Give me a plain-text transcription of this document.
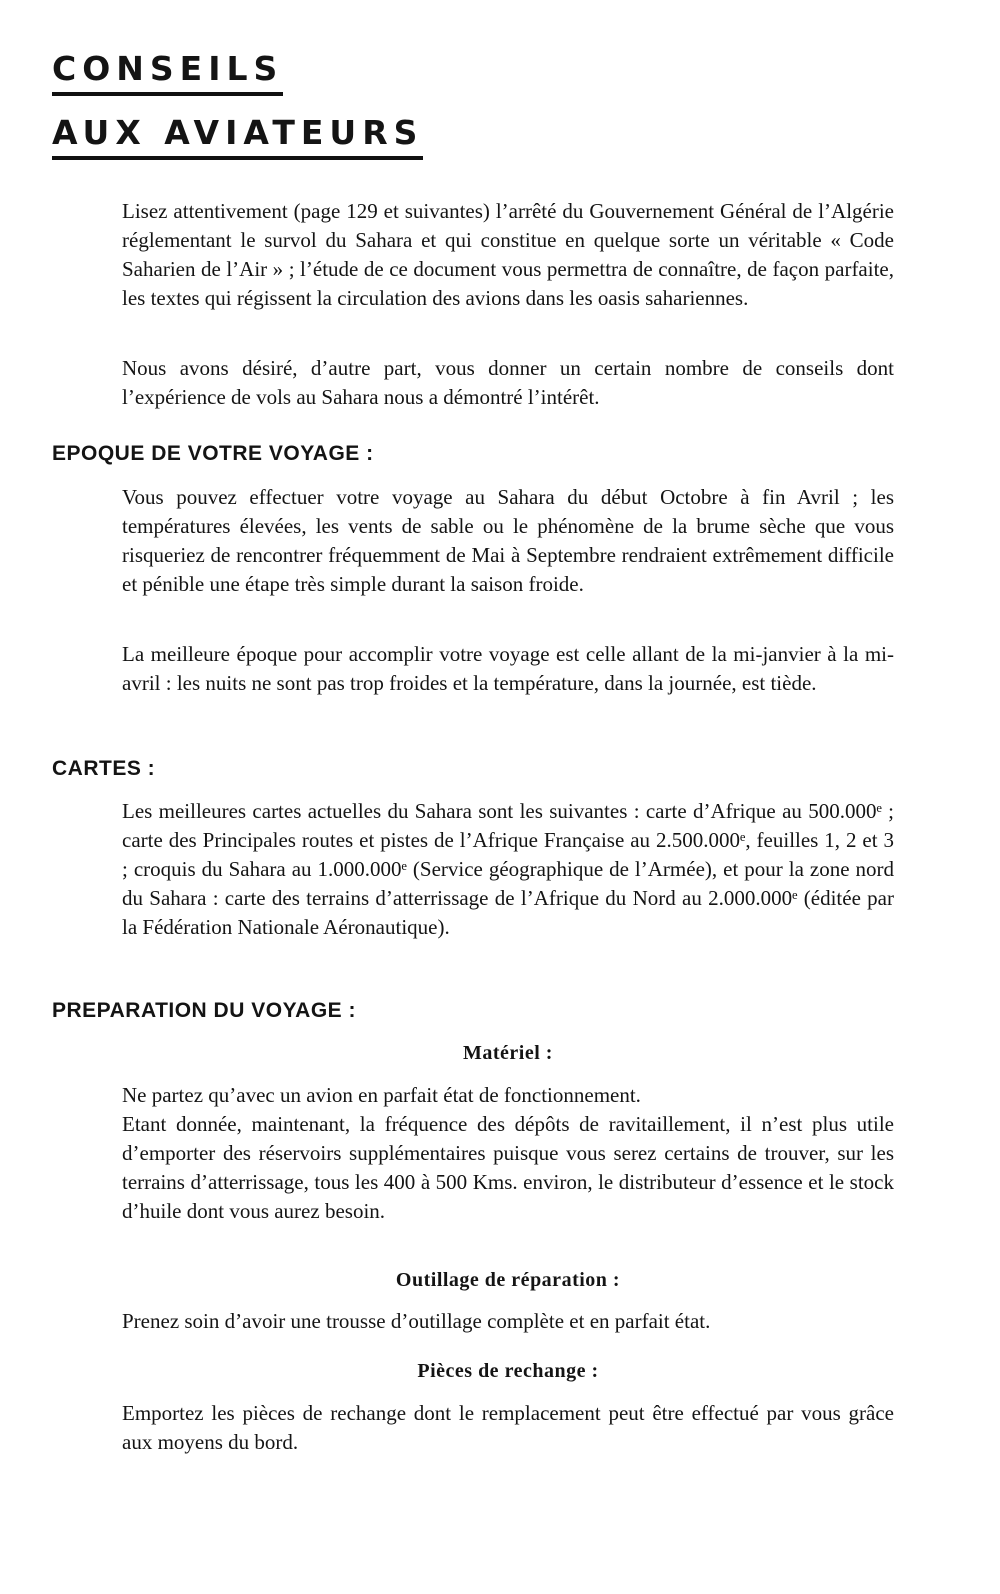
CONSEILS
AUX AVIATEURS

Lisez attentivement (page 129 et suivantes) l’arrêté du Gouvernement Général de l’Algérie réglementant le survol du Sahara et qui constitue en quelque sorte un véritable « Code Saharien de l’Air » ; l’étude de ce document vous permettra de connaître, de façon parfaite, les textes qui régissent la circulation des avions dans les oasis sahariennes.

Nous avons désiré, d’autre part, vous donner un certain nombre de conseils dont l’expérience de vols au Sahara nous a démontré l’intérêt.

EPOQUE DE VOTRE VOYAGE :

Vous pouvez effectuer votre voyage au Sahara du début Octobre à fin Avril ; les températures élevées, les vents de sable ou le phénomène de la brume sèche que vous risqueriez de rencontrer fréquemment de Mai à Septembre rendraient extrêmement difficile et pénible une étape très simple durant la saison froide.

La meilleure époque pour accomplir votre voyage est celle allant de la mi-janvier à la mi-avril : les nuits ne sont pas trop froides et la température, dans la journée, est tiède.

CARTES :

Les meilleures cartes actuelles du Sahara sont les suivantes : carte d’Afrique au 500.000ᵉ ; carte des Principales routes et pistes de l’Afrique Française au 2.500.000ᵉ, feuilles 1, 2 et 3 ; croquis du Sahara au 1.000.000ᵉ (Service géographique de l’Armée), et pour la zone nord du Sahara : carte des terrains d’atterrissage de l’Afrique du Nord au 2.000.000ᵉ (éditée par la Fédération Nationale Aéronautique).

PREPARATION DU VOYAGE :
Matériel :

Ne partez qu’avec un avion en parfait état de fonctionnement.

Etant donnée, maintenant, la fréquence des dépôts de ravitaillement, il n’est plus utile d’emporter des réservoirs supplémentaires puisque vous serez certains de trouver, sur les terrains d’atterrissage, tous les 400 à 500 Kms. environ, le distributeur d’essence et le stock d’huile dont vous aurez besoin.

Outillage de réparation :

Prenez soin d’avoir une trousse d’outillage complète et en parfait état.

Pièces de rechange :

Emportez les pièces de rechange dont le remplacement peut être effectué par vous grâce aux moyens du bord.
